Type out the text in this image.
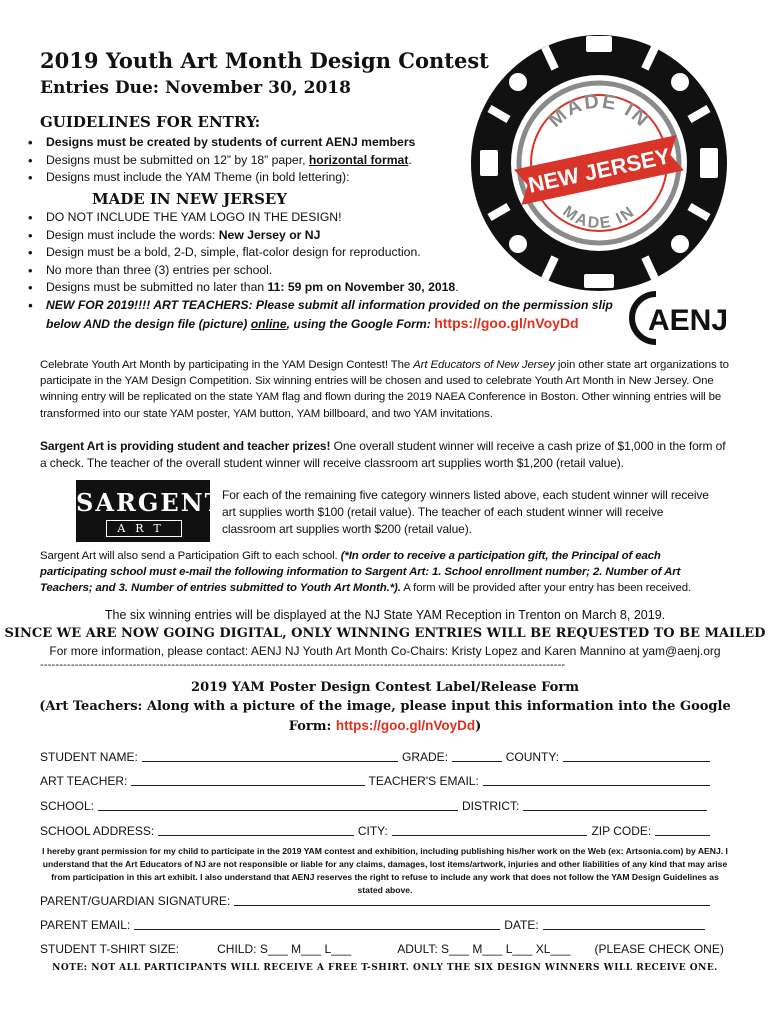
2019 Youth Art Month Design Contest
Entries Due: November 30, 2018
GUIDELINES FOR ENTRY:
• Designs must be created by students of current AENJ members
• Designs must be submitted on 12” by 18” paper, horizontal format.
• Designs must include the YAM Theme (in bold lettering):
MADE IN NEW JERSEY
• DO NOT INCLUDE THE YAM LOGO IN THE DESIGN!
• Design must include the words: New Jersey or NJ
• Design must be a bold, 2-D, simple, flat-color design for reproduction.
• No more than three (3) entries per school.
• Designs must be submitted no later than 11: 59 pm on November 30, 2018.
• NEW FOR 2019!!!! ART TEACHERS: Please submit all information provided on the permission slip below AND the design file (picture) online, using the Google Form: https://goo.gl/nVoyDd
MADE IN
MADE IN
NEW JERSEY
AENJ
Celebrate Youth Art Month by participating in the YAM Design Contest! The Art Educators of New Jersey join other state art organizations to participate in the YAM Design Competition. Six winning entries will be chosen and used to celebrate Youth Art Month in New Jersey. One winning entry will be replicated on the state YAM flag and flown during the 2019 NAEA Conference in Boston. Other winning entries will be transformed into our state YAM poster, YAM button, YAM billboard, and two YAM invitations.
Sargent Art is providing student and teacher prizes! One overall student winner will receive a cash prize of $1,000 in the form of a check. The teacher of the overall student winner will receive classroom art supplies worth $1,200 (retail value).
SARGENT
ART
For each of the remaining five category winners listed above, each student winner will receive art supplies worth $100 (retail value). The teacher of each student winner will receive classroom art supplies worth $200 (retail value).
Sargent Art will also send a Participation Gift to each school. (*In order to receive a participation gift, the Principal of each participating school must e-mail the following information to Sargent Art: 1. School enrollment number; 2. Number of Art Teachers; and 3. Number of entries submitted to Youth Art Month.*). A form will be provided after your entry has been received.
The six winning entries will be displayed at the NJ State YAM Reception in Trenton on March 8, 2019.
SINCE WE ARE NOW GOING DIGITAL, ONLY WINNING ENTRIES WILL BE REQUESTED TO BE MAILED
For more information, please contact: AENJ NJ Youth Art Month Co-Chairs: Kristy Lopez and Karen Mannino at yam@aenj.org
----------------------------------------------------------------------------------------------------------------------------------------
2019 YAM Poster Design Contest Label/Release Form
(Art Teachers: Along with a picture of the image, please input this information into the Google
Form: https://goo.gl/nVoyDd)
STUDENT NAME:	GRADE:	COUNTY:
ART TEACHER:	TEACHER'S EMAIL:
SCHOOL:	DISTRICT:
SCHOOL ADDRESS:	CITY:	ZIP CODE:
I hereby grant permission for my child to participate in the 2019 YAM contest and exhibition, including publishing his/her work on the Web (ex: Artsonia.com) by AENJ. I understand that the Art Educators of NJ are not responsible or liable for any claims, damages, lost items/artwork, injuries and other liabilities of any kind that may arise from participation in this art exhibit. I also understand that AENJ reserves the right to refuse to include any work that does not follow the YAM Design Guidelines as stated above.
PARENT/GUARDIAN SIGNATURE:
PARENT EMAIL:	DATE:
STUDENT T-SHIRT SIZE:	CHILD: S___ M___ L___	ADULT: S___ M___ L___ XL___ (PLEASE CHECK ONE)
NOTE: NOT ALL PARTICIPANTS WILL RECEIVE A FREE T-SHIRT. ONLY THE SIX DESIGN WINNERS WILL RECEIVE ONE.
